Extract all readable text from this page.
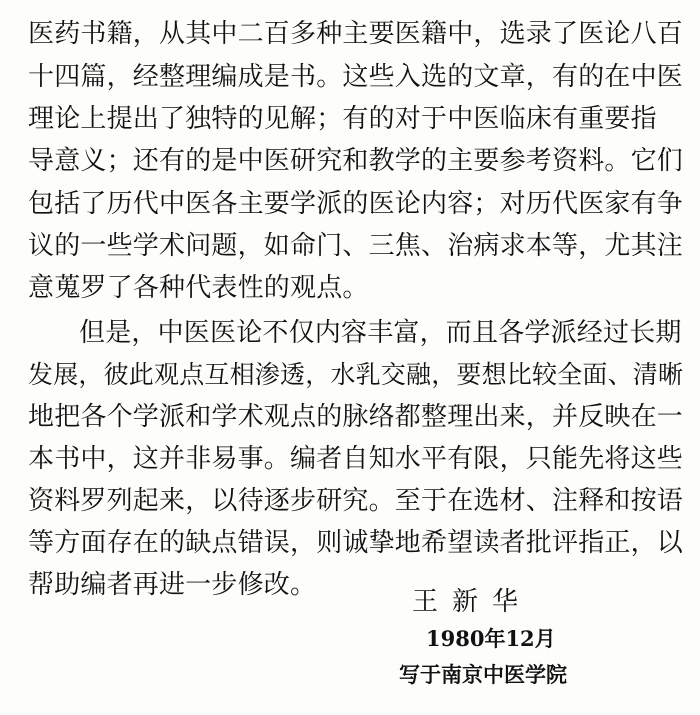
医药书籍，从其中二百多种主要医籍中，选录了医论八百
十四篇，经整理编成是书。这些入选的文章，有的在中医
理论上提出了独特的见解；有的对于中医临床有重要指
导意义；还有的是中医研究和教学的主要参考资料。它们
包括了历代中医各主要学派的医论内容；对历代医家有争
议的一些学术问题，如命门、三焦、治病求本等，尤其注
意蒐罗了各种代表性的观点。
但是，中医医论不仅内容丰富，而且各学派经过长期
发展，彼此观点互相渗透，水乳交融，要想比较全面、清晰
地把各个学派和学术观点的脉络都整理出来，并反映在一
本书中，这并非易事。编者自知水平有限，只能先将这些
资料罗列起来，以待逐步研究。至于在选材、注释和按语
等方面存在的缺点错误，则诚挚地希望读者批评指正，以
帮助编者再进一步修改。
王新华
1980年12月
写于南京中医学院
